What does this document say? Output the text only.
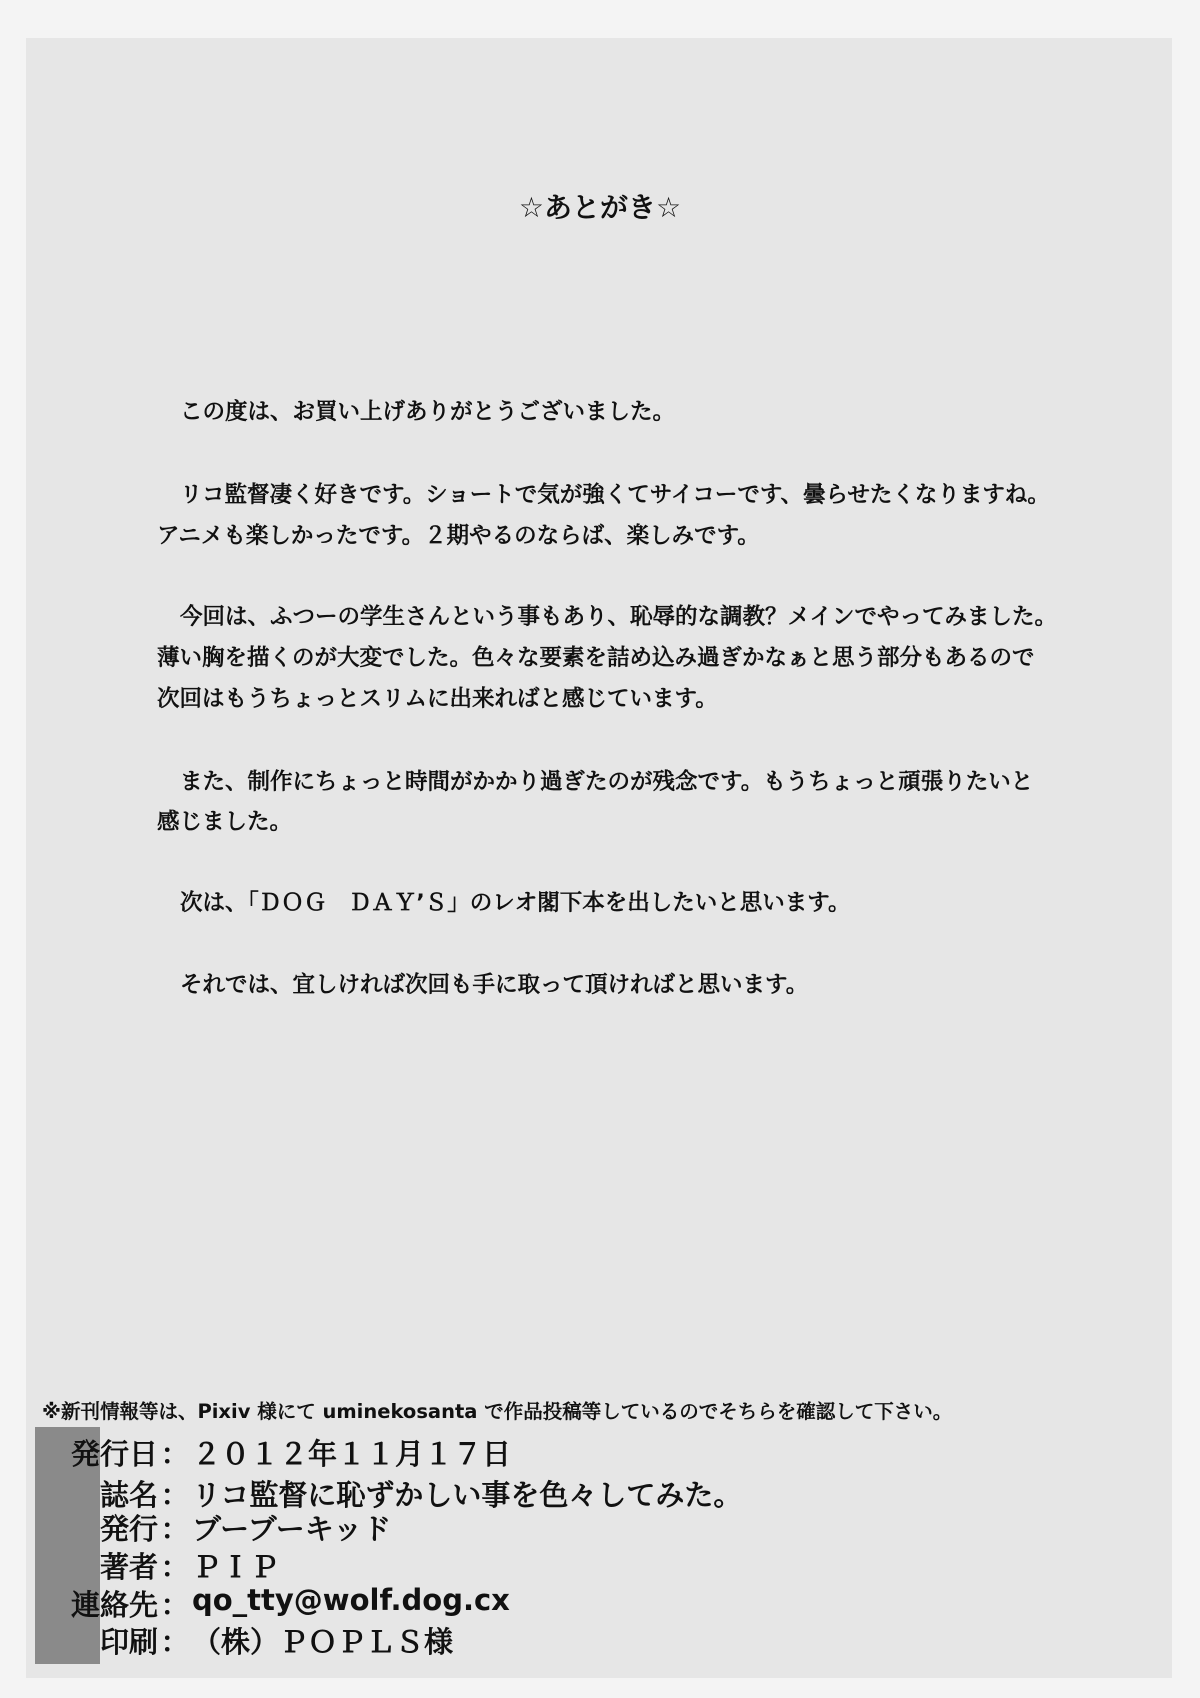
☆あとがき☆
この度は、お買い上げありがとうございました。
リコ監督凄く好きです。ショートで気が強くてサイコーです、曇らせたくなりますね。
アニメも楽しかったです。２期やるのならば、楽しみです。
今回は、ふつーの学生さんという事もあり、恥辱的な調教？メインでやってみました。
薄い胸を描くのが大変でした。色々な要素を詰め込み過ぎかなぁと思う部分もあるので
次回はもうちょっとスリムに出来ればと感じています。
また、制作にちょっと時間がかかり過ぎたのが残念です。もうちょっと頑張りたいと
感じました。
次は、「ＤＯＧ　ＤＡＹ’Ｓ」のレオ閣下本を出したいと思います。
それでは、宜しければ次回も手に取って頂ければと思います。
※新刊情報等は、Pixiv 様にて uminekosanta で作品投稿等しているのでそちらを確認して下さい。
発行日 ： ２０１２年１１月１７日
誌名 ： リコ監督に恥ずかしい事を色々してみた。
発行 ： ブーブーキッド
著者 ： ＰＩＰ
連絡先 ： qo_tty@wolf.dog.cx
印刷 ： （株）ＰＯＰＬＳ様
